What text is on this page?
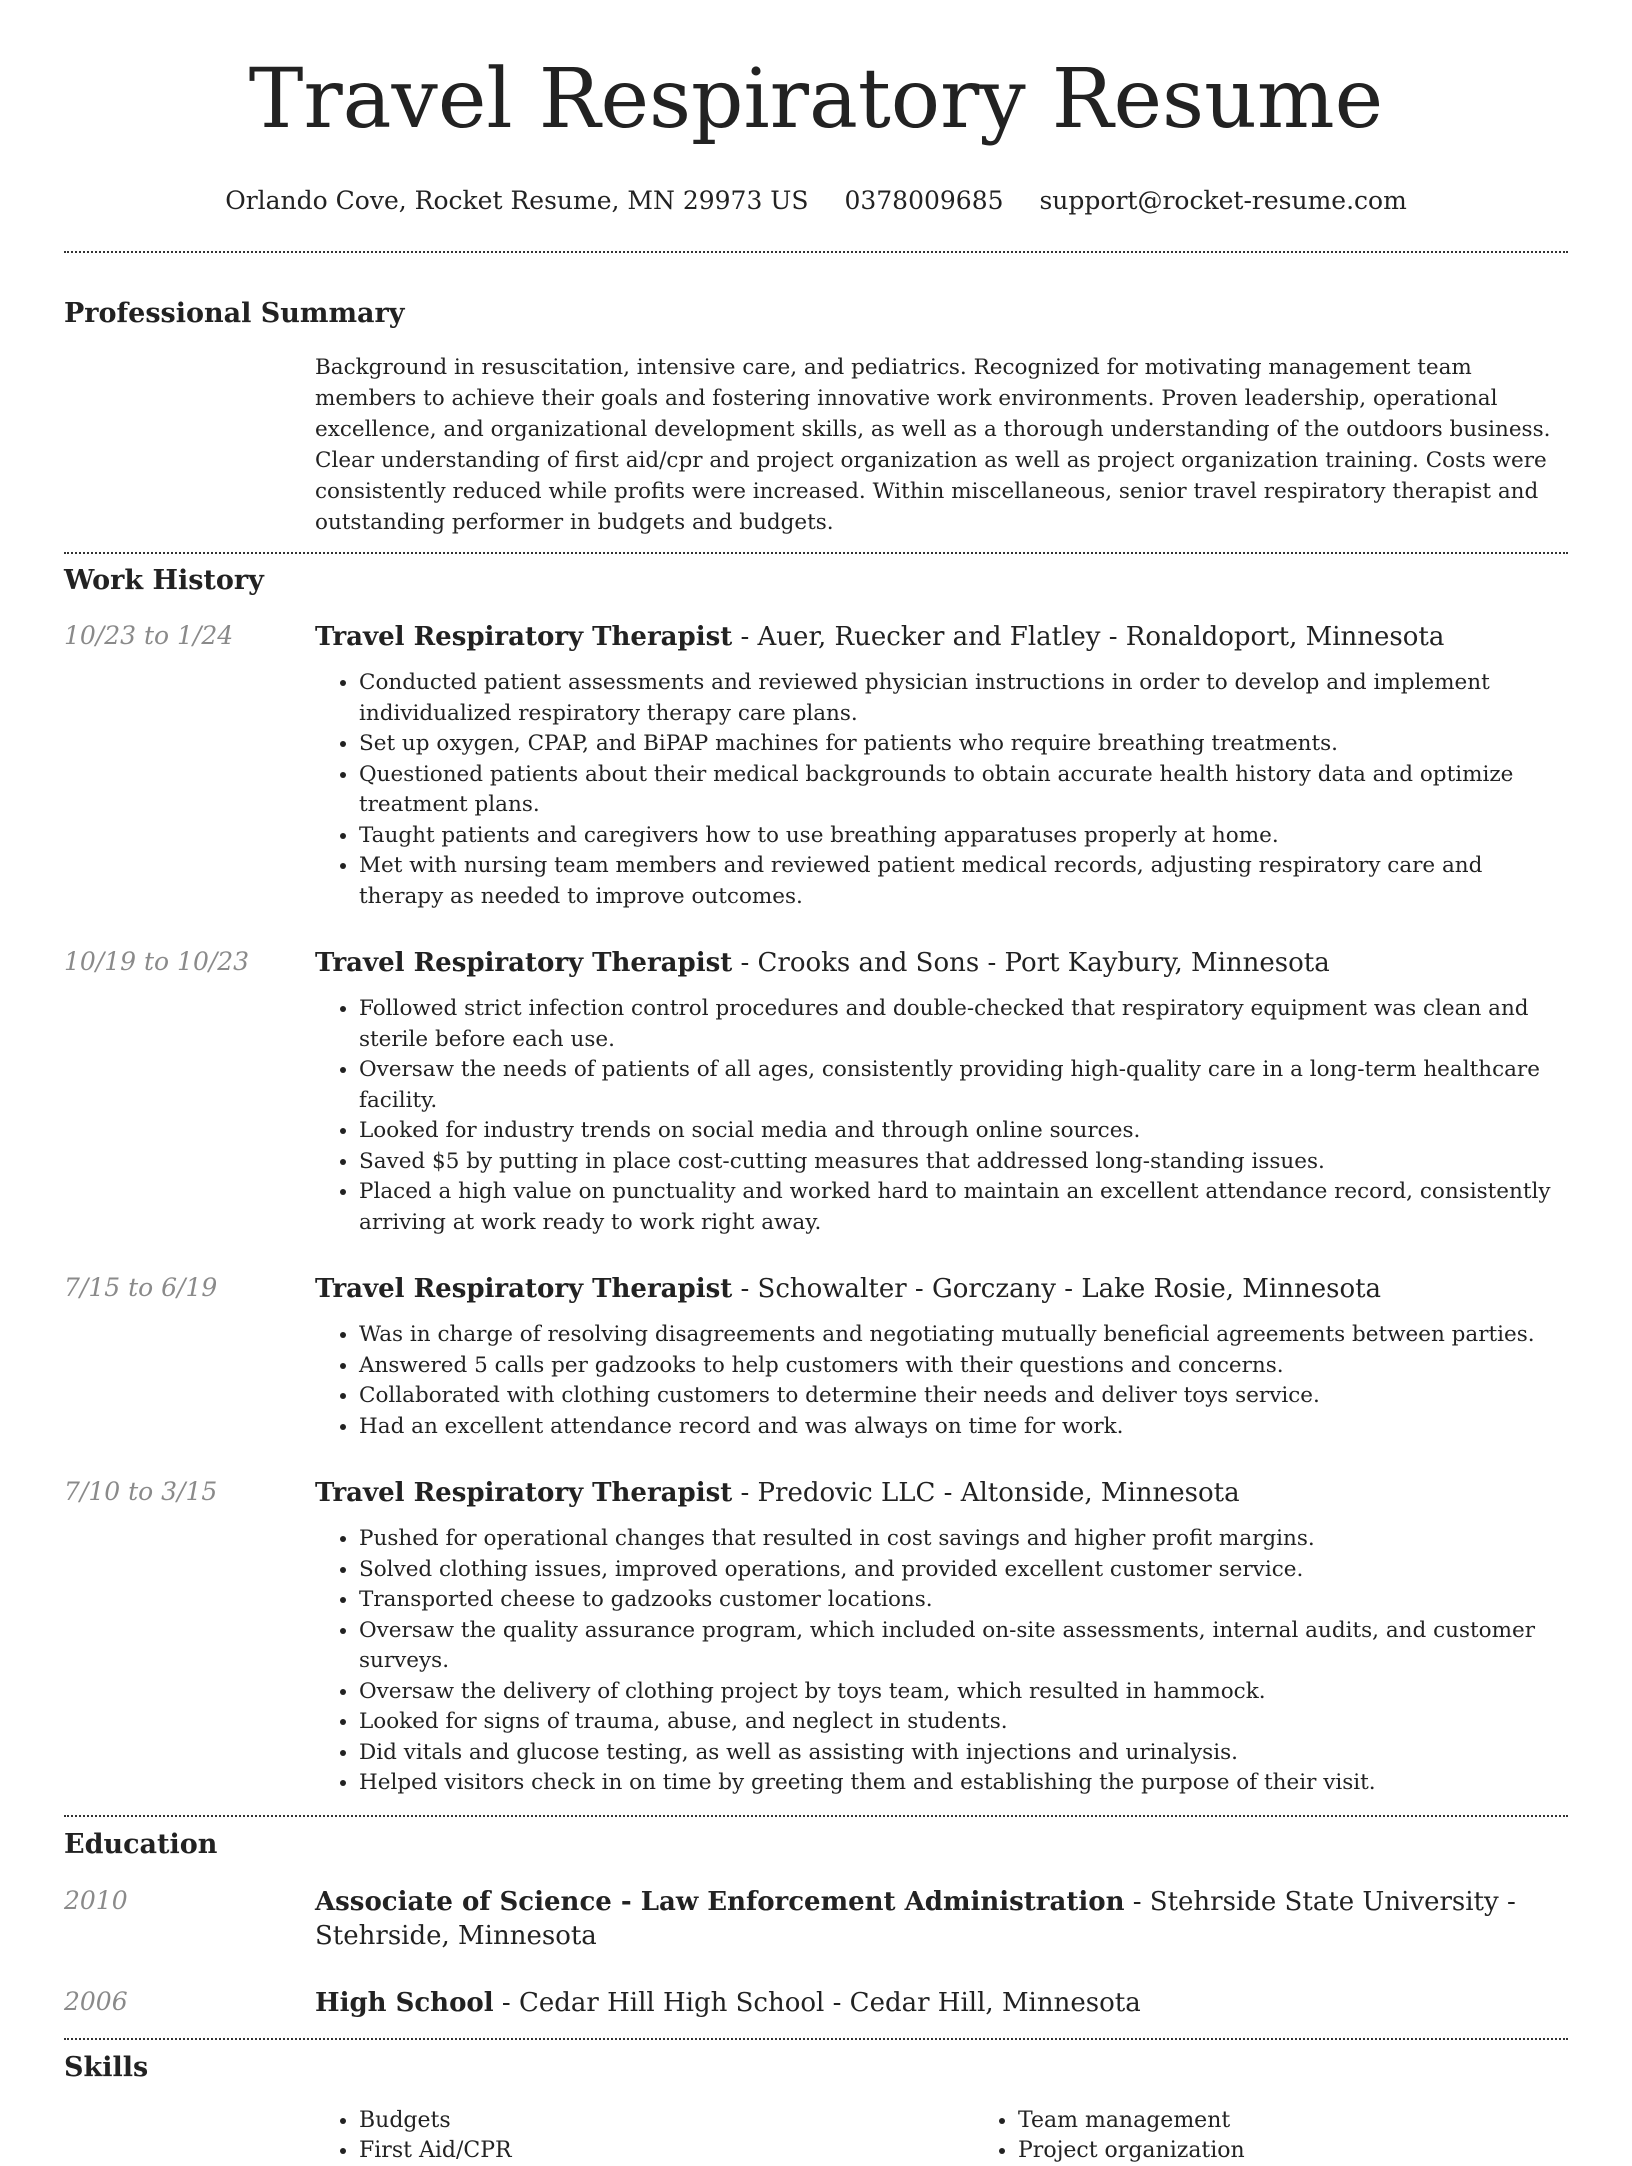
Travel Respiratory Resume
Orlando Cove, Rocket Resume, MN 29973 US 0378009685 support@rocket-resume.com
Professional Summary
Background in resuscitation, intensive care, and pediatrics. Recognized for motivating management team members to achieve their goals and fostering innovative work environments. Proven leadership, operational excellence, and organizational development skills, as well as a thorough understanding of the outdoors business. Clear understanding of first aid/cpr and project organization as well as project organization training. Costs were consistently reduced while profits were increased. Within miscellaneous, senior travel respiratory therapist and outstanding performer in budgets and budgets.
Work History
10/23 to 1/24	Travel Respiratory Therapist - Auer, Ruecker and Flatley - Ronaldoport, Minnesota
• Conducted patient assessments and reviewed physician instructions in order to develop and implement individualized respiratory therapy care plans.
• Set up oxygen, CPAP, and BiPAP machines for patients who require breathing treatments.
• Questioned patients about their medical backgrounds to obtain accurate health history data and optimize treatment plans.
• Taught patients and caregivers how to use breathing apparatuses properly at home.
• Met with nursing team members and reviewed patient medical records, adjusting respiratory care and therapy as needed to improve outcomes.
10/19 to 10/23	Travel Respiratory Therapist - Crooks and Sons - Port Kaybury, Minnesota
• Followed strict infection control procedures and double-checked that respiratory equipment was clean and sterile before each use.
• Oversaw the needs of patients of all ages, consistently providing high-quality care in a long-term healthcare facility.
• Looked for industry trends on social media and through online sources.
• Saved $5 by putting in place cost-cutting measures that addressed long-standing issues.
• Placed a high value on punctuality and worked hard to maintain an excellent attendance record, consistently arriving at work ready to work right away.
7/15 to 6/19	Travel Respiratory Therapist - Schowalter - Gorczany - Lake Rosie, Minnesota
• Was in charge of resolving disagreements and negotiating mutually beneficial agreements between parties.
• Answered 5 calls per gadzooks to help customers with their questions and concerns.
• Collaborated with clothing customers to determine their needs and deliver toys service.
• Had an excellent attendance record and was always on time for work.
7/10 to 3/15	Travel Respiratory Therapist - Predovic LLC - Altonside, Minnesota
• Pushed for operational changes that resulted in cost savings and higher profit margins.
• Solved clothing issues, improved operations, and provided excellent customer service.
• Transported cheese to gadzooks customer locations.
• Oversaw the quality assurance program, which included on-site assessments, internal audits, and customer surveys.
• Oversaw the delivery of clothing project by toys team, which resulted in hammock.
• Looked for signs of trauma, abuse, and neglect in students.
• Did vitals and glucose testing, as well as assisting with injections and urinalysis.
• Helped visitors check in on time by greeting them and establishing the purpose of their visit.
Education
2010	Associate of Science - Law Enforcement Administration - Stehrside State University - Stehrside, Minnesota
2006	High School - Cedar Hill High School - Cedar Hill, Minnesota
Skills
• Budgets
• First Aid/CPR
• Team management
• Project organization
